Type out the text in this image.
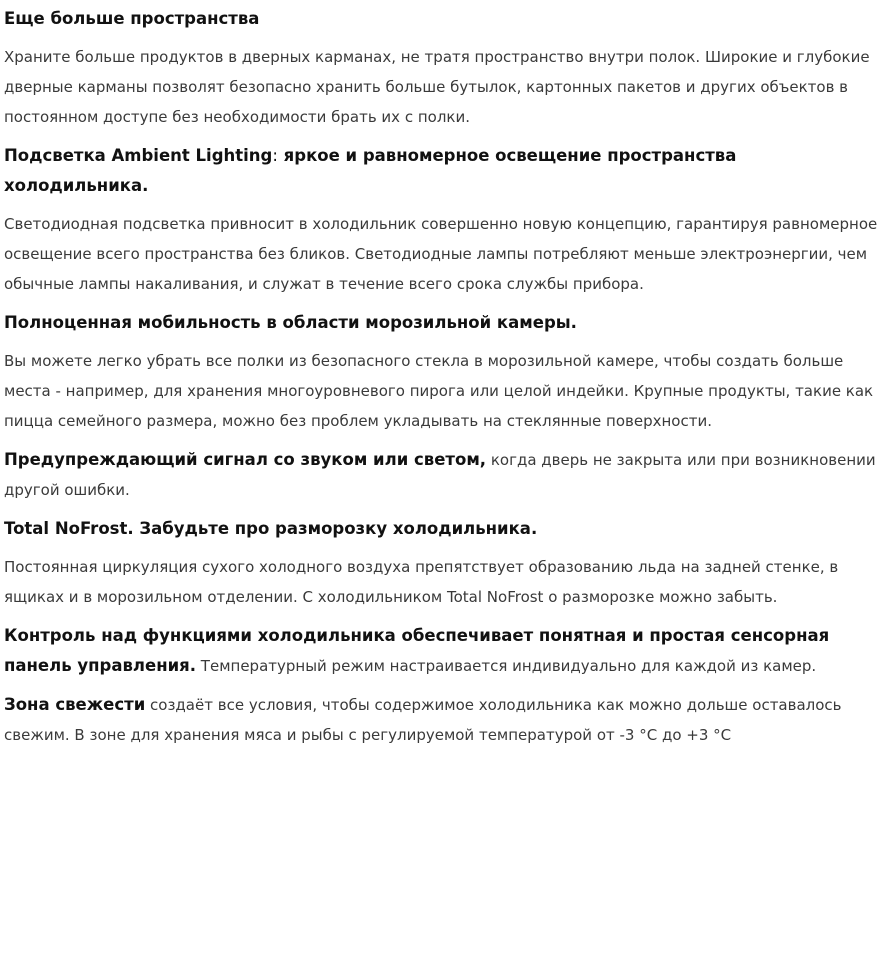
Еще больше пространства
Храните больше продуктов в дверных карманах, не тратя пространство внутри полок. Широкие и глубокие дверные карманы позволят безопасно хранить больше бутылок, картонных пакетов и других объектов в постоянном доступе без необходимости брать их с полки.
Подсветка Ambient Lighting: яркое и равномерное освещение пространства холодильника.
Светодиодная подсветка привносит в холодильник совершенно новую концепцию, гарантируя равномерное освещение всего пространства без бликов. Светодиодные лампы потребляют меньше электроэнергии, чем обычные лампы накаливания, и служат в течение всего срока службы прибора.
Полноценная мобильность в области морозильной камеры.
Вы можете легко убрать все полки из безопасного стекла в морозильной камере, чтобы создать больше места - например, для хранения многоуровневого пирога или целой индейки. Крупные продукты, такие как пицца семейного размера, можно без проблем укладывать на стеклянные поверхности.
Предупреждающий сигнал со звуком или светом, когда дверь не закрыта или при возникновении другой ошибки.
Total NoFrost. Забудьте про разморозку холодильника.
Постоянная циркуляция сухого холодного воздуха препятствует образованию льда на задней стенке, в ящиках и в морозильном отделении. С холодильником Total NoFrost о разморозке можно забыть.
Контроль над функциями холодильника обеспечивает понятная и простая сенсорная панель управления. Температурный режим настраивается индивидуально для каждой из камер.
Зона свежести создаёт все условия, чтобы содержимое холодильника как можно дольше оставалось свежим. В зоне для хранения мяса и рыбы с регулируемой температурой от -3 °С до +3 °С
